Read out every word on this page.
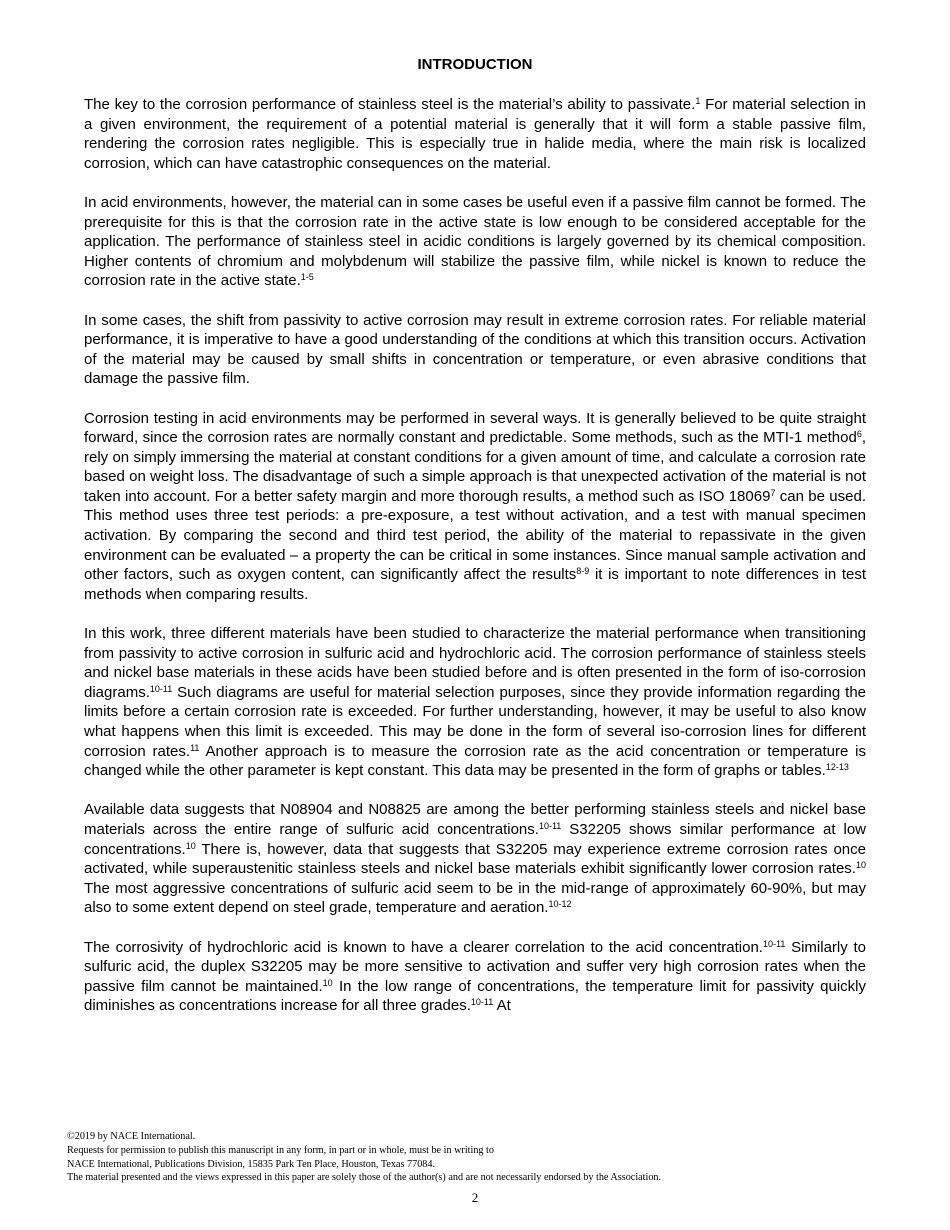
INTRODUCTION

The key to the corrosion performance of stainless steel is the material’s ability to passivate.$^1$ For material selection in a given environment, the requirement of a potential material is generally that it will form a stable passive film, rendering the corrosion rates negligible. This is especially true in halide media, where the main risk is localized corrosion, which can have catastrophic consequences on the material.

In acid environments, however, the material can in some cases be useful even if a passive film cannot be formed. The prerequisite for this is that the corrosion rate in the active state is low enough to be considered acceptable for the application. The performance of stainless steel in acidic conditions is largely governed by its chemical composition. Higher contents of chromium and molybdenum will stabilize the passive film, while nickel is known to reduce the corrosion rate in the active state.$^{1-5}$

In some cases, the shift from passivity to active corrosion may result in extreme corrosion rates. For reliable material performance, it is imperative to have a good understanding of the conditions at which this transition occurs. Activation of the material may be caused by small shifts in concentration or temperature, or even abrasive conditions that damage the passive film.

Corrosion testing in acid environments may be performed in several ways. It is generally believed to be quite straight forward, since the corrosion rates are normally constant and predictable. Some methods, such as the MTI-1 method$^6$, rely on simply immersing the material at constant conditions for a given amount of time, and calculate a corrosion rate based on weight loss. The disadvantage of such a simple approach is that unexpected activation of the material is not taken into account. For a better safety margin and more thorough results, a method such as ISO 18069$^7$ can be used. This method uses three test periods: a pre-exposure, a test without activation, and a test with manual specimen activation. By comparing the second and third test period, the ability of the material to repassivate in the given environment can be evaluated – a property the can be critical in some instances. Since manual sample activation and other factors, such as oxygen content, can significantly affect the results$^{8-9}$ it is important to note differences in test methods when comparing results.

In this work, three different materials have been studied to characterize the material performance when transitioning from passivity to active corrosion in sulfuric acid and hydrochloric acid. The corrosion performance of stainless steels and nickel base materials in these acids have been studied before and is often presented in the form of iso-corrosion diagrams.$^{10-11}$ Such diagrams are useful for material selection purposes, since they provide information regarding the limits before a certain corrosion rate is exceeded. For further understanding, however, it may be useful to also know what happens when this limit is exceeded. This may be done in the form of several iso-corrosion lines for different corrosion rates.$^{11}$ Another approach is to measure the corrosion rate as the acid concentration or temperature is changed while the other parameter is kept constant. This data may be presented in the form of graphs or tables.$^{12-13}$

Available data suggests that N08904 and N08825 are among the better performing stainless steels and nickel base materials across the entire range of sulfuric acid concentrations.$^{10-11}$ S32205 shows similar performance at low concentrations.$^{10}$ There is, however, data that suggests that S32205 may experience extreme corrosion rates once activated, while superaustenitic stainless steels and nickel base materials exhibit significantly lower corrosion rates.$^{10}$ The most aggressive concentrations of sulfuric acid seem to be in the mid-range of approximately 60-90%, but may also to some extent depend on steel grade, temperature and aeration.$^{10-12}$

The corrosivity of hydrochloric acid is known to have a clearer correlation to the acid concentration.$^{10-11}$ Similarly to sulfuric acid, the duplex S32205 may be more sensitive to activation and suffer very high corrosion rates when the passive film cannot be maintained.$^{10}$ In the low range of concentrations, the temperature limit for passivity quickly diminishes as concentrations increase for all three grades.$^{10-11}$ At

©2019 by NACE International.
Requests for permission to publish this manuscript in any form, in part or in whole, must be in writing to
NACE International, Publications Division, 15835 Park Ten Place, Houston, Texas 77084.
The material presented and the views expressed in this paper are solely those of the author(s) and are not necessarily endorsed by the Association.
2
